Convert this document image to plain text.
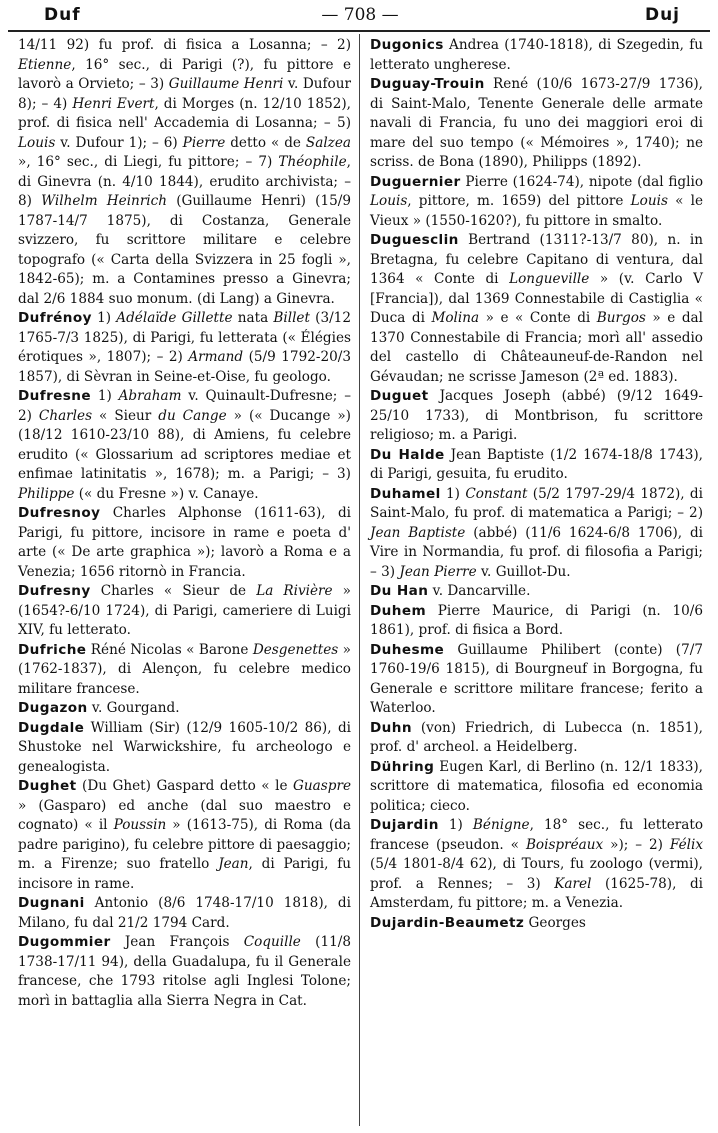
Duf	— 708 —	Duj

14/11 92) fu prof. di fisica a Losanna; – 2) Etienne, 16° sec., di Parigi (?), fu pittore e lavorò a Orvieto; – 3) Guillaume Henri v. Dufour 8); – 4) Henri Evert, di Morges (n. 12/10 1852), prof. di fisica nell' Accademia di Losanna; – 5) Louis v. Dufour 1); – 6) Pierre detto « de Salzea », 16° sec., di Liegi, fu pittore; – 7) Théophile, di Ginevra (n. 4/10 1844), erudito archivista; – 8) Wilhelm Heinrich (Guillaume Henri) (15/9 1787-14/7 1875), di Costanza, Generale svizzero, fu scrittore militare e celebre topografo (« Carta della Svizzera in 25 fogli », 1842-65); m. a Contamines presso a Ginevra; dal 2/6 1884 suo monum. (di Lang) a Ginevra.

Dufrénoy 1) Adélaïde Gillette nata Billet (3/12 1765-7/3 1825), di Parigi, fu letterata (« Élégies érotiques », 1807); – 2) Armand (5/9 1792-20/3 1857), di Sèvran in Seine-et-Oise, fu geologo.

Dufresne 1) Abraham v. Quinault-Dufresne; – 2) Charles « Sieur du Cange » (« Ducange ») (18/12 1610-23/10 88), di Amiens, fu celebre erudito (« Glossarium ad scriptores mediae et enfimae latinitatis », 1678); m. a Parigi; – 3) Philippe (« du Fresne ») v. Canaye.

Dufresnoy Charles Alphonse (1611-63), di Parigi, fu pittore, incisore in rame e poeta d' arte (« De arte graphica »); lavorò a Roma e a Venezia; 1656 ritornò in Francia.

Dufresny Charles « Sieur de La Rivière » (1654?-6/10 1724), di Parigi, cameriere di Luigi XIV, fu letterato.

Dufriche Réné Nicolas « Barone Desgenettes » (1762-1837), di Alençon, fu celebre medico militare francese.

Dugazon v. Gourgand.

Dugdale William (Sir) (12/9 1605-10/2 86), di Shustoke nel Warwickshire, fu archeologo e genealogista.

Dughet (Du Ghet) Gaspard detto « le Guaspre » (Gasparo) ed anche (dal suo maestro e cognato) « il Poussin » (1613-75), di Roma (da padre parigino), fu celebre pittore di paesaggio; m. a Firenze; suo fratello Jean, di Parigi, fu incisore in rame.

Dugnani Antonio (8/6 1748-17/10 1818), di Milano, fu dal 21/2 1794 Card.

Dugommier Jean François Coquille (11/8 1738-17/11 94), della Guadalupa, fu il Generale francese, che 1793 ritolse agli Inglesi Tolone; morì in battaglia alla Sierra Negra in Cat.

Dugonics Andrea (1740-1818), di Szegedin, fu letterato ungherese.

Duguay-Trouin René (10/6 1673-27/9 1736), di Saint-Malo, Tenente Generale delle armate navali di Francia, fu uno dei maggiori eroi di mare del suo tempo (« Mémoires », 1740); ne scriss. de Bona (1890), Philipps (1892).

Duguernier Pierre (1624-74), nipote (dal figlio Louis, pittore, m. 1659) del pittore Louis « le Vieux » (1550-1620?), fu pittore in smalto.

Duguesclin Bertrand (1311?-13/7 80), n. in Bretagna, fu celebre Capitano di ventura, dal 1364 « Conte di Longueville » (v. Carlo V [Francia]), dal 1369 Connestabile di Castiglia « Duca di Molina » e « Conte di Burgos » e dal 1370 Connestabile di Francia; morì all' assedio del castello di Châteauneuf-de-Randon nel Gévaudan; ne scrisse Jameson (2ª ed. 1883).

Duguet Jacques Joseph (abbé) (9/12 1649-25/10 1733), di Montbrison, fu scrittore religioso; m. a Parigi.

Du Halde Jean Baptiste (1/2 1674-18/8 1743), di Parigi, gesuita, fu erudito.

Duhamel 1) Constant (5/2 1797-29/4 1872), di Saint-Malo, fu prof. di matematica a Parigi; – 2) Jean Baptiste (abbé) (11/6 1624-6/8 1706), di Vire in Normandia, fu prof. di filosofia a Parigi; – 3) Jean Pierre v. Guillot-Du.

Du Han v. Dancarville.

Duhem Pierre Maurice, di Parigi (n. 10/6 1861), prof. di fisica a Bord.

Duhesme Guillaume Philibert (conte) (7/7 1760-19/6 1815), di Bourgneuf in Borgogna, fu Generale e scrittore militare francese; ferito a Waterloo.

Duhn (von) Friedrich, di Lubecca (n. 1851), prof. d' archeol. a Heidelberg.

Dühring Eugen Karl, di Berlino (n. 12/1 1833), scrittore di matematica, filosofia ed economia politica; cieco.

Dujardin 1) Bénigne, 18° sec., fu letterato francese (pseudon. « Boispréaux »); – 2) Félix (5/4 1801-8/4 62), di Tours, fu zoologo (vermi), prof. a Rennes; – 3) Karel (1625-78), di Amsterdam, fu pittore; m. a Venezia.

Dujardin-Beaumetz Georges
